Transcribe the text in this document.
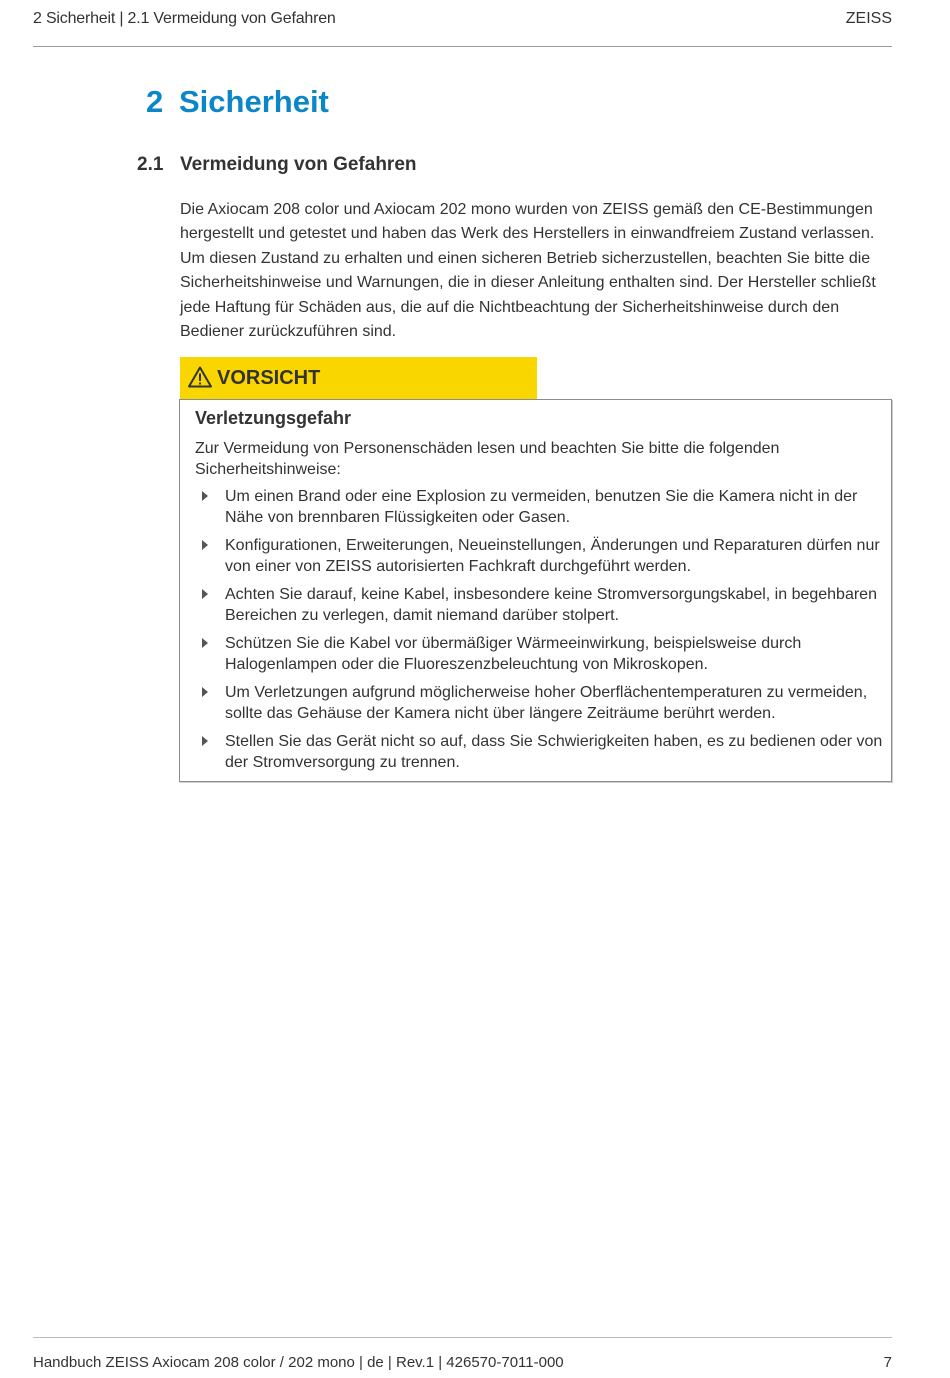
2 Sicherheit | 2.1 Vermeidung von Gefahren	ZEISS
2 Sicherheit
2.1 Vermeidung von Gefahren

Die Axiocam 208 color und Axiocam 202 mono wurden von ZEISS gemäß den CE-Bestimmungen hergestellt und getestet und haben das Werk des Herstellers in einwandfreiem Zustand verlassen. Um diesen Zustand zu erhalten und einen sicheren Betrieb sicherzustellen, beachten Sie bitte die Sicherheitshinweise und Warnungen, die in dieser Anleitung enthalten sind. Der Hersteller schließt jede Haftung für Schäden aus, die auf die Nichtbeachtung der Sicherheitshinweise durch den Bediener zurückzuführen sind.

VORSICHT
Verletzungsgefahr

Zur Vermeidung von Personenschäden lesen und beachten Sie bitte die folgenden Sicherheitshinweise:

Um einen Brand oder eine Explosion zu vermeiden, benutzen Sie die Kamera nicht in der Nähe von brennbaren Flüssigkeiten oder Gasen.
Konfigurationen, Erweiterungen, Neueinstellungen, Änderungen und Reparaturen dürfen nur von einer von ZEISS autorisierten Fachkraft durchgeführt werden.
Achten Sie darauf, keine Kabel, insbesondere keine Stromversorgungskabel, in begehbaren Bereichen zu verlegen, damit niemand darüber stolpert.
Schützen Sie die Kabel vor übermäßiger Wärmeeinwirkung, beispielsweise durch Halogenlampen oder die Fluoreszenzbeleuchtung von Mikroskopen.
Um Verletzungen aufgrund möglicherweise hoher Oberflächentemperaturen zu vermeiden, sollte das Gehäuse der Kamera nicht über längere Zeiträume berührt werden.
Stellen Sie das Gerät nicht so auf, dass Sie Schwierigkeiten haben, es zu bedienen oder von der Stromversorgung zu trennen.
Handbuch ZEISS Axiocam 208 color / 202 mono | de | Rev.1 | 426570-7011-000	7
